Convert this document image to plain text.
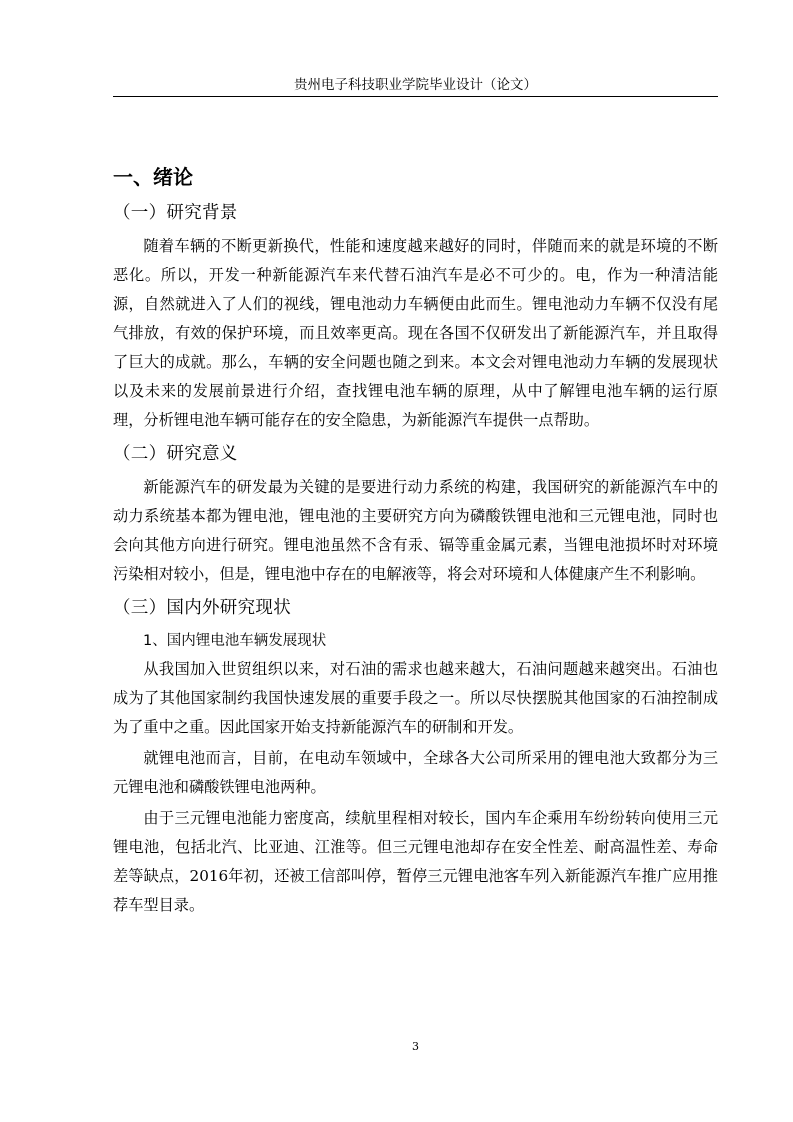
贵州电子科技职业学院毕业设计（论文）
一、绪论
（一）研究背景

随着车辆的不断更新换代，性能和速度越来越好的同时，伴随而来的就是环境的不断恶化。所以，开发一种新能源汽车来代替石油汽车是必不可少的。电，作为一种清洁能源，自然就进入了人们的视线，锂电池动力车辆便由此而生。锂电池动力车辆不仅没有尾气排放，有效的保护环境，而且效率更高。现在各国不仅研发出了新能源汽车，并且取得了巨大的成就。那么，车辆的安全问题也随之到来。本文会对锂电池动力车辆的发展现状以及未来的发展前景进行介绍，查找锂电池车辆的原理，从中了解锂电池车辆的运行原理，分析锂电池车辆可能存在的安全隐患，为新能源汽车提供一点帮助。

（二）研究意义

新能源汽车的研发最为关键的是要进行动力系统的构建，我国研究的新能源汽车中的动力系统基本都为锂电池，锂电池的主要研究方向为磷酸铁锂电池和三元锂电池，同时也会向其他方向进行研究。锂电池虽然不含有汞、镉等重金属元素，当锂电池损坏时对环境污染相对较小，但是，锂电池中存在的电解液等，将会对环境和人体健康产生不利影响。

（三）国内外研究现状
1、国内锂电池车辆发展现状

从我国加入世贸组织以来，对石油的需求也越来越大，石油问题越来越突出。石油也成为了其他国家制约我国快速发展的重要手段之一。所以尽快摆脱其他国家的石油控制成为了重中之重。因此国家开始支持新能源汽车的研制和开发。

就锂电池而言，目前，在电动车领域中，全球各大公司所采用的锂电池大致都分为三元锂电池和磷酸铁锂电池两种。

由于三元锂电池能力密度高，续航里程相对较长，国内车企乘用车纷纷转向使用三元锂电池，包括北汽、比亚迪、江淮等。但三元锂电池却存在安全性差、耐高温性差、寿命差等缺点，2016年初，还被工信部叫停，暂停三元锂电池客车列入新能源汽车推广应用推荐车型目录。

3
